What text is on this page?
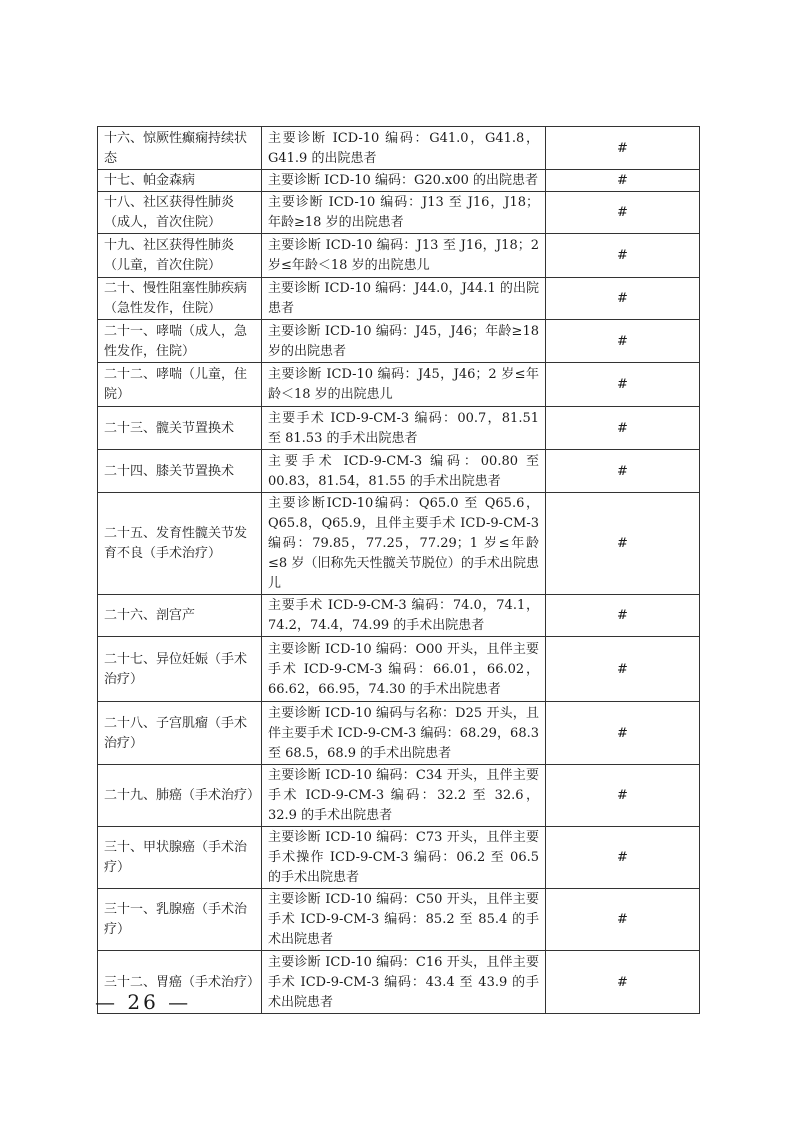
十六、惊厥性癫痫持续状态	主要诊断 ICD-10 编码：G41.0，G41.8，G41.9 的出院患者	#
十七、帕金森病	主要诊断 ICD-10 编码：G20.x00 的出院患者	#
十八、社区获得性肺炎（成人，首次住院）	主要诊断 ICD-10 编码：J13 至 J16，J18；年龄≥18 岁的出院患者	#
十九、社区获得性肺炎（儿童，首次住院）	主要诊断 ICD-10 编码：J13 至 J16，J18；2 岁≤年龄＜18 岁的出院患儿	#
二十、慢性阻塞性肺疾病（急性发作，住院）	主要诊断 ICD-10 编码：J44.0，J44.1 的出院患者	#
二十一、哮喘（成人，急性发作，住院）	主要诊断 ICD-10 编码：J45，J46；年龄≥18 岁的出院患者	#
二十二、哮喘（儿童，住院）	主要诊断 ICD-10 编码：J45，J46；2 岁≤年龄＜18 岁的出院患儿	#
二十三、髋关节置换术	主要手术 ICD-9-CM-3 编码：00.7，81.51 至 81.53 的手术出院患者	#
二十四、膝关节置换术	主要手术 ICD-9-CM-3 编码：00.80 至 00.83，81.54，81.55 的手术出院患者	#
二十五、发育性髋关节发育不良（手术治疗）	主要诊断ICD-10编码：Q65.0 至 Q65.6，Q65.8，Q65.9，且伴主要手术 ICD-9-CM-3 编码：79.85，77.25，77.29；1 岁≤年龄≤8 岁（旧称先天性髋关节脱位）的手术出院患儿	#
二十六、剖宫产	主要手术 ICD-9-CM-3 编码：74.0，74.1，74.2，74.4，74.99 的手术出院患者	#
二十七、异位妊娠（手术治疗）	主要诊断 ICD-10 编码：O00 开头，且伴主要手术 ICD-9-CM-3 编码：66.01，66.02，66.62，66.95，74.30 的手术出院患者	#
二十八、子宫肌瘤（手术治疗）	主要诊断 ICD-10 编码与名称：D25 开头，且伴主要手术 ICD-9-CM-3 编码：68.29，68.3 至 68.5，68.9 的手术出院患者	#
二十九、肺癌（手术治疗）	主要诊断 ICD-10 编码：C34 开头，且伴主要手术 ICD-9-CM-3 编码：32.2 至 32.6，32.9 的手术出院患者	#
三十、甲状腺癌（手术治疗）	主要诊断 ICD-10 编码：C73 开头，且伴主要手术操作 ICD-9-CM-3 编码：06.2 至 06.5 的手术出院患者	#
三十一、乳腺癌（手术治疗）	主要诊断 ICD-10 编码：C50 开头，且伴主要手术 ICD-9-CM-3 编码：85.2 至 85.4 的手术出院患者	#
三十二、胃癌（手术治疗）	主要诊断 ICD-10 编码：C16 开头，且伴主要手术 ICD-9-CM-3 编码：43.4 至 43.9 的手术出院患者	#
— 26 —
